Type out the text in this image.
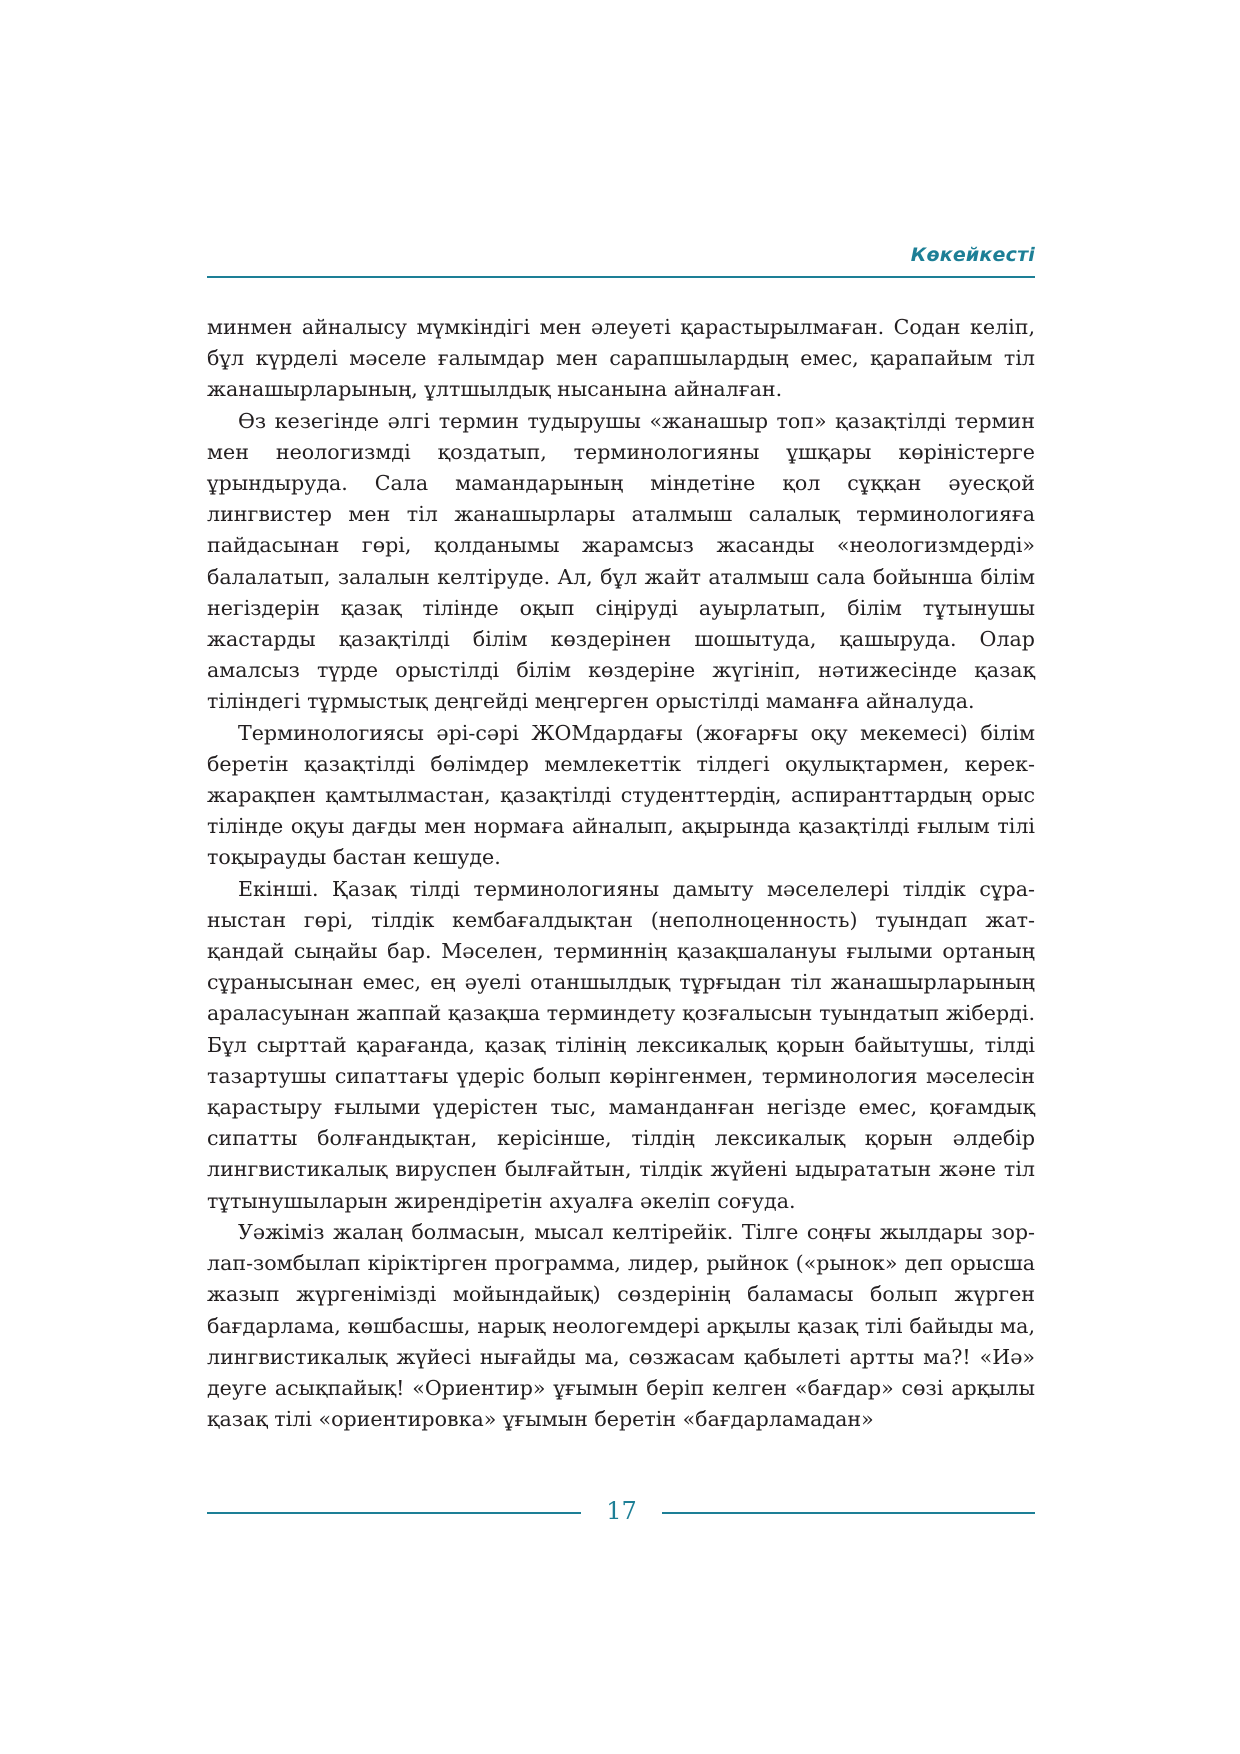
Көкейкесті

минмен айналысу мүмкіндігі мен әлеуеті қарастырылмаған. Содан келіп, бұл күрделі мәселе ғалымдар мен сарапшылардың емес, қарапайым тіл жанашырларының, ұлтшылдық нысанына айналған.

Өз кезегінде әлгі термин тудырушы «жанашыр топ» қазақтілді термин мен неологизмді қоздатып, терминологияны ұшқары көріністерге ұрындыруда. Сала мамандарының міндетіне қол сұққан әуесқой лингвистер мен тіл жанашырлары аталмыш салалық терминологияға пайдасынан гөрі, қолданымы жарамсыз жасанды «неологизмдерді» балалатып, залалын келтіруде. Ал, бұл жайт аталмыш сала бойынша білім негіздерін қазақ тілінде оқып сіңіруді ауырлатып, білім тұтынушы жастарды қазақтілді білім көздерінен шошытуда, қашыруда. Олар амалсыз түрде орыстілді білім көздеріне жүгініп, нәтижесінде қазақ тіліндегі тұрмыстық деңгейді меңгерген орыстілді маманға айналуда.

Терминологиясы әрі-сәрі ЖОМдардағы (жоғарғы оқу мекемесі) білім беретін қазақтілді бөлімдер мемлекеттік тілдегі оқулықтармен, керек-жарақпен қамтылмастан, қазақтілді студенттердің, аспиранттардың орыс тілінде оқуы дағды мен нормаға айналып, ақырында қазақтілді ғылым тілі тоқырауды бастан кешуде.

Екінші. Қазақ тілді терминологияны дамыту мәселелері тілдік сұраныстан гөрі, тілдік кембағалдықтан (неполноценность) туындап жатқандай сыңайы бар. Мәселен, терминнің қазақшалануы ғылыми ортаның сұранысынан емес, ең әуелі отаншылдық тұрғыдан тіл жанашырларының араласуынан жаппай қазақша терминдету қозғалысын туындатып жіберді. Бұл сырттай қарағанда, қазақ тілінің лексикалық қорын байытушы, тілді тазартушы сипаттағы үдеріс болып көрінгенмен, терминология мәселесін қарастыру ғылыми үдерістен тыс, маманданған негізде емес, қоғамдық сипатты болғандықтан, керісінше, тілдің лексикалық қорын әлдебір лингвистикалық вируспен былғайтын, тілдік жүйені ыдырататын және тіл тұтынушыларын жирендіретін ахуалға әкеліп соғуда.

Уәжіміз жалаң болмасын, мысал келтірейік. Тілге соңғы жылдары зорлап-зомбылап кіріктірген программа, лидер, рыйнок («рынок» деп орысша жазып жүргенімізді мойындайық) сөздерінің баламасы болып жүрген бағдарлама, көшбасшы, нарық неологемдері арқылы қазақ тілі байыды ма, лингвистикалық жүйесі нығайды ма, сөзжасам қабылеті артты ма?! «Иә» деуге асықпайық! «Ориентир» ұғымын беріп келген «бағдар» сөзі арқылы қазақ тілі «ориентировка» ұғымын беретін «бағдарламадан»

17
